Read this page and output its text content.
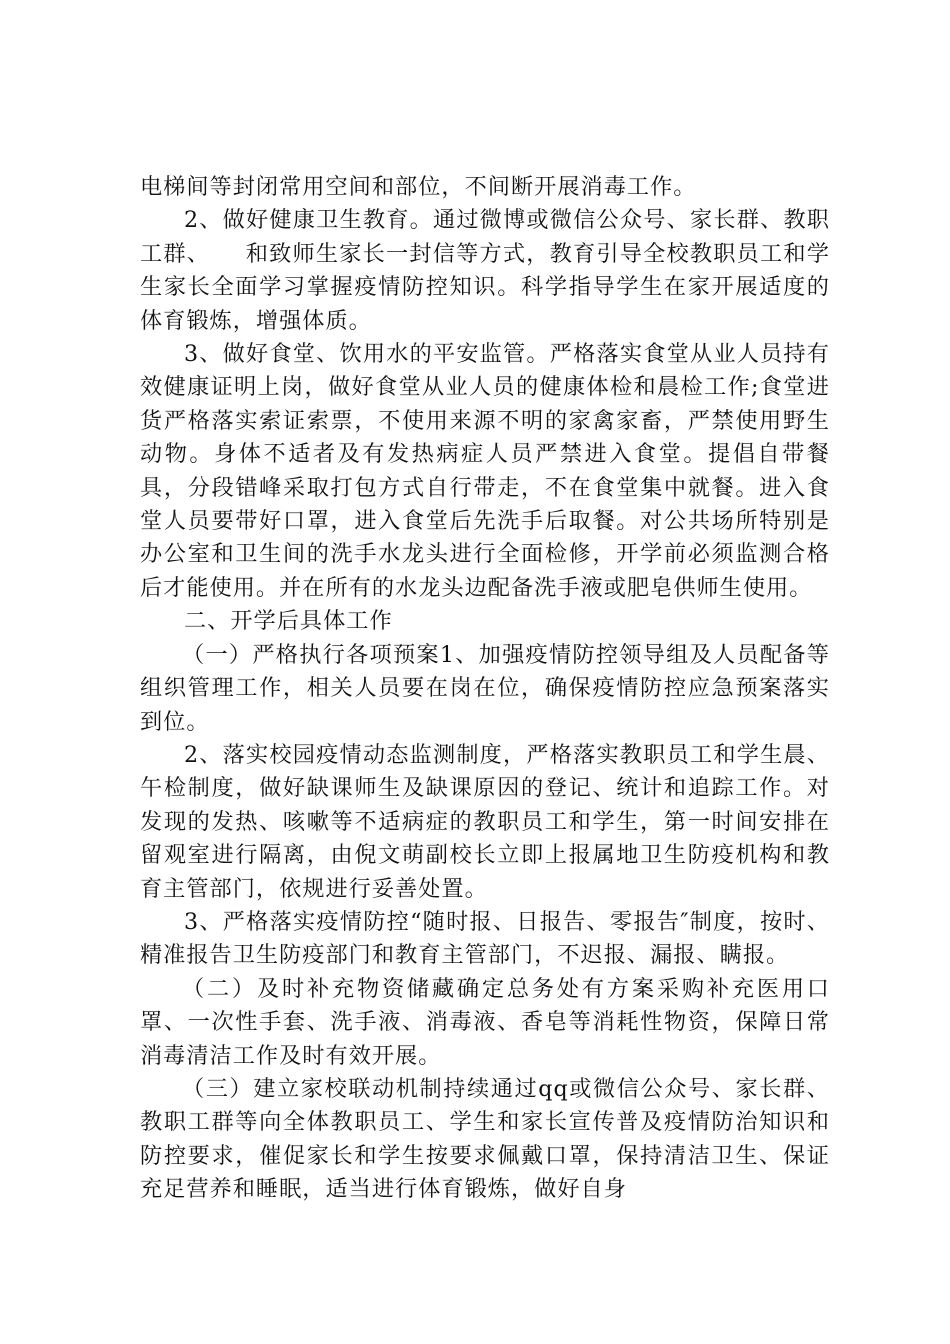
电梯间等封闭常用空间和部位，不间断开展消毒工作。

2、做好健康卫生教育。通过微博或微信公众号、家长群、教职工群、　　和致师生家长一封信等方式，教育引导全校教职员工和学生家长全面学习掌握疫情防控知识。科学指导学生在家开展适度的体育锻炼，增强体质。

3、做好食堂、饮用水的平安监管。严格落实食堂从业人员持有效健康证明上岗，做好食堂从业人员的健康体检和晨检工作;食堂进货严格落实索证索票，不使用来源不明的家禽家畜，严禁使用野生动物。身体不适者及有发热病症人员严禁进入食堂。提倡自带餐具，分段错峰采取打包方式自行带走，不在食堂集中就餐。进入食堂人员要带好口罩，进入食堂后先洗手后取餐。对公共场所特别是办公室和卫生间的洗手水龙头进行全面检修，开学前必须监测合格后才能使用。并在所有的水龙头边配备洗手液或肥皂供师生使用。

二、开学后具体工作

（一）严格执行各项预案1、加强疫情防控领导组及人员配备等组织管理工作，相关人员要在岗在位，确保疫情防控应急预案落实到位。

2、落实校园疫情动态监测制度，严格落实教职员工和学生晨、午检制度，做好缺课师生及缺课原因的登记、统计和追踪工作。对发现的发热、咳嗽等不适病症的教职员工和学生，第一时间安排在留观室进行隔离，由倪文萌副校长立即上报属地卫生防疫机构和教育主管部门，依规进行妥善处置。

3、严格落实疫情防控“随时报、日报告、零报告″制度，按时、精准报告卫生防疫部门和教育主管部门，不迟报、漏报、瞒报。

（二）及时补充物资储藏确定总务处有方案采购补充医用口罩、一次性手套、洗手液、消毒液、香皂等消耗性物资，保障日常消毒清洁工作及时有效开展。

（三）建立家校联动机制持续通过qq或微信公众号、家长群、教职工群等向全体教职员工、学生和家长宣传普及疫情防治知识和防控要求，催促家长和学生按要求佩戴口罩，保持清洁卫生、保证充足营养和睡眠，适当进行体育锻炼，做好自身
